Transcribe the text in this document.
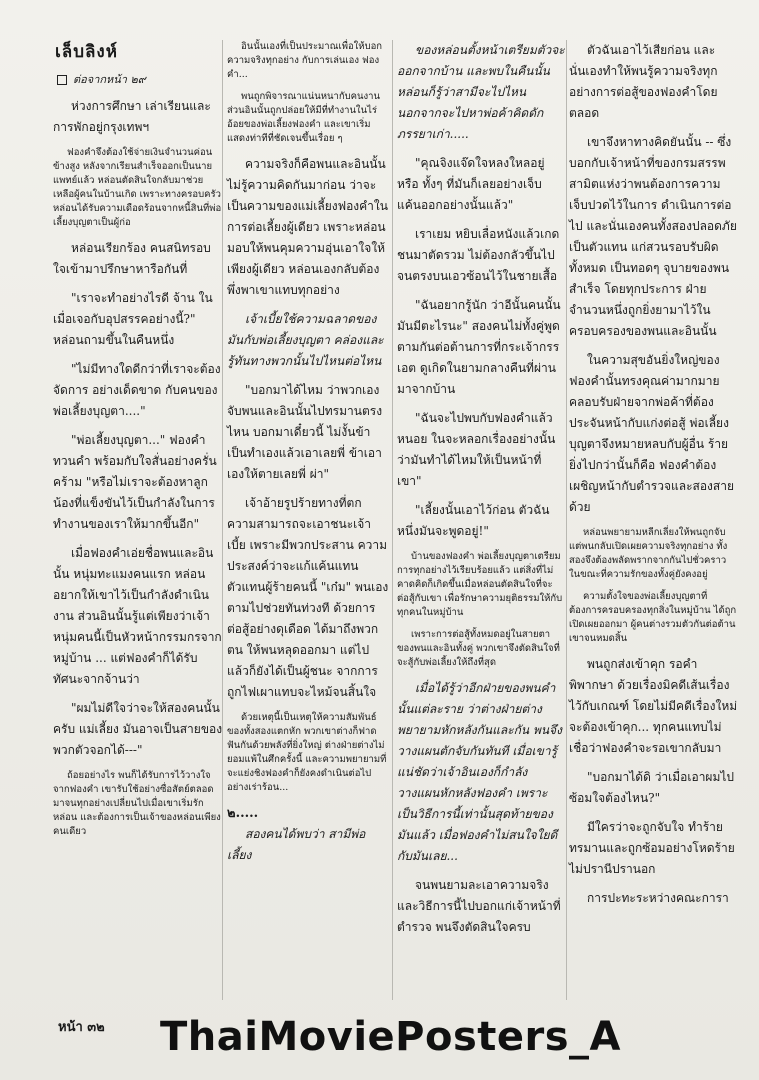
เล็บลิงห์
ต่อจากหน้า ๒๙

ห่วงการศึกษา เล่าเรียนและการพักอยู่กรุงเทพฯ

ฟองคำจึงต้องใช้จ่ายเงินจำนวนค่อนข้างสูง หลังจากเรียนสำเร็จออกเป็นนายแพทย์แล้ว หล่อนตัดสินใจกลับมาช่วยเหลือผู้คนในบ้านเกิด เพราะทางครอบครัวหล่อนได้รับความเดือดร้อนจากหนี้สินที่พ่อเลี้ยงบุญตาเป็นผู้ก่อ

หล่อนเรียกร้อง คนสนิทรอบใจเข้ามาปรึกษาหารือกันที่

"เราจะทำอย่างไรดี จ้าน ในเมื่อเจอกับอุปสรรคอย่างนี้?" หล่อนถามขึ้นในคืนหนึ่ง

"ไม่มีทางใดดีกว่าที่เราจะต้องจัดการ อย่างเด็ดขาด กับคนของพ่อเลี้ยงบุญตา...."

"พ่อเลี้ยงบุญตา..." ฟองคำทวนคำ พร้อมกับใจสั่นอย่างครั่นคร้าม "หรือไม่เราจะต้องหาลูกน้องที่แข็งขันไว้เป็นกำลังในการทำงานของเราให้มากขึ้นอีก"

เมื่อฟองคำเอ่ยชื่อพนและอินนั้น หนุ่มทะแมงคนแรก หล่อนอยากให้เขาไว้เป็นกำลังดำเนินงาน ส่วนอินนั้นรู้แต่เพียงว่าเจ้าหนุ่มคนนี้เป็นหัวหน้ากรรมกรจากหมู่บ้าน ... แต่ฟองคำก็ได้รับทัศนะจากจ้านว่า

"ผมไม่ดีใจว่าจะให้สองคนนั้นครับ แม่เลี้ยง มันอาจเป็นสายของพวกตัวจอกได้---"

ถ้อยอย่างไร พนก็ได้รับการไว้วางใจจากฟองคำ เขารับใช้อย่างซื่อสัตย์ตลอดมาจนทุกอย่างเปลี่ยนไปเมื่อเขาเริ่มรักหล่อน และต้องการเป็นเจ้าของหล่อนเพียงคนเดียว

อินนั้นเองที่เป็นประมาณเพื่อให้บอกความจริงทุกอย่าง กับการเล่นเอง ฟองคำ...

พนถูกพิจารณาแน่นหนากับคนงาน ส่วนอินนั้นถูกปล่อยให้มีที่ทำงานในไร่อ้อยของพ่อเลี้ยงฟองคำ และเขาเริ่มแสดงท่าทีที่ชัดเจนขึ้นเรื่อย ๆ

ความจริงก็คือพนและอินนั้นไม่รู้ความคิดกันมาก่อน ว่าจะเป็นความของแม่เลี้ยงฟองคำในการต่อเลี้ยงผู้เดียว เพราะหล่อนมอบให้พนคุมความอุ่นเอาใจให้เพียงผู้เดียว หล่อนเองกลับต้องพึ่งพาเขาแทบทุกอย่าง

เจ้าเบี้ยใช้ความฉลาดของมันกับพ่อเลี้ยงบุญตา คล่องและรู้ทันทางพวกนั้นไปไหนต่อไหน

"บอกมาได้ไหม ว่าพวกเองจับพนและอินนั้นไปทรมานตรงไหน บอกมาเดี๋ยวนี้ ไม่งั้นข้าเป็นทำเองแล้วเอาเลยพี่ ข้าเอาเองให้ตายเลยพี่ ผ่า"

เจ้าอ้ายรูปร้ายทางที่ตกความสามารถจะเอาชนะเจ้าเบี้ย เพราะมีพวกประสาน ความประสงค์ว่าจะแก้แค้นแทนตัวแทนผู้ร้ายคนนี้ "เก๋ม" พนเองตามไปช่วยทันท่วงที ด้วยการต่อสู้อย่างดุเดือด ได้มาถึงพวกตน ให้พนหลุดออกมา แต่ไปแล้วก็ยังได้เป็นผู้ชนะ จากการถูกไฟเผาแทบจะไหม้จนสิ้นใจ

ด้วยเหตุนี้เป็นเหตุให้ความสัมพันธ์ของทั้งสองแตกหัก พวกเขาต่างก็ฟาดฟันกันด้วยพลังที่ยิ่งใหญ่ ต่างฝ่ายต่างไม่ยอมแพ้ในศึกครั้งนี้ และความพยายามที่จะแย่งชิงฟองคำก็ยังคงดำเนินต่อไปอย่างเร่าร้อน...

๒.....

สองคนได้พบว่า สามีพ่อเลี้ยง

ของหล่อนตั้งหน้าเตรียมตัวจะออกจากบ้าน และพบในคืนนั้นหล่อนก็รู้ว่าสามีจะไปไหน นอกจากจะไปหาพ่อค้าคิดดักภรรยาเก่า.....

"คุณจิงแจ๊ดใจหลงใหลอยู่หรือ ทั้งๆ ที่มันก็เลยอย่างเจ็บแค้นออกอย่างนั้นแล้ว"

เราเยม หยิบเลื่อหนังแล้วเกดชนมาตัดรวม ไม่ต้องกลัวขึ้นไปจนตรงบนเอวซ้อนไว้ในชายเสื้อ

"ฉันอยากรู้นัก ว่าอีนั้นคนนั้น มันมีตะไรนะ" สองคนไม่ทั้งคู่พูดตามกันต่อต้านการที่กระเจ้ากรรเอต ดูเกิดในยามกลางคืนที่ผ่านมาจากบ้าน

"ฉันจะไปพบกับฟองคำแล้วหนอย ในจะหลอกเรื่องอย่างนั้นว่ามันทำได้ไหมให้เป็นหน้าที่เขา"

"เลี้ยงนั้นเอาไว้ก่อน ตัวฉันหนึ่งมันจะพูดอยู่!"

บ้านของฟองคำ พ่อเลี้ยงบุญตาเตรียมการทุกอย่างไว้เรียบร้อยแล้ว แต่สิ่งที่ไม่คาดคิดก็เกิดขึ้นเมื่อหล่อนตัดสินใจที่จะต่อสู้กับเขา เพื่อรักษาความยุติธรรมให้กับทุกคนในหมู่บ้าน

เพราะการต่อสู้ทั้งหมดอยู่ในสายตาของพนและอินทั้งคู่ พวกเขาจึงตัดสินใจที่จะสู้กับพ่อเลี้ยงให้ถึงที่สุด

เมื่อได้รู้ว่าอีกฝ่ายของพนคำนั้นแต่ละราย ว่าต่างฝ่ายต่างพยายามหักหลังกันและกัน พนจึงวางแผนตักจับกันทันที เมื่อเขารู้แน่ชัดว่าเจ้าอินเองก็กำลังวางแผนหักหลังฟองคำ เพราะเป็นวิธีการนี้เท่านั้นสุดท้ายของมันแล้ว เมื่อฟองคำไม่สนใจใยดีกับมันเลย...

จนพนยามละเอาความจริงและวิธีการนี้ไปบอกแก่เจ้าหน้าที่ตำรวจ พนจึงตัดสินใจครบ

ตัวฉันเอาไว้เสียก่อน และนั่นเองทำให้พนรู้ความจริงทุกอย่างการต่อสู้ของฟองคำโดยตลอด

เขาจึงหาทางคิดยันนั้น -- ซึ่งบอกกับเจ้าหน้าที่ของกรมสรรพสามิตแห่งว่าพนต้องการความเจ็บปวดไว้ในการ ดำเนินการต่อไป และนั่นเองคนทั้งสองปลอดภัยเป็นตัวแทน แก่สวนรอบรับผิดทั้งหมด เป็นทอดๆ จุบายของพนสำเร็จ โดยทุกประการ ฝ่ายจำนวนหนึ่งถูกยิ่งยามาไว้ในครอบครองของพนและอินนั้น

ในความสุขอันยิ่งใหญ่ของฟองคำนั้นทรงคุณค่ามากมาย คลอบรับฝ่ายจากพ่อค้าที่ต้องประจันหน้ากับแก่งต่อสู้ พ่อเลี้ยงบุญตาจึงหมายหลบกับผู้อื่น ร้ายยิ่งไปกว่านั้นก็คือ ฟองคำต้องเผชิญหน้ากับตำรวจและสองสายด้วย

หล่อนพยายามหลีกเลี่ยงให้พนถูกจับ แต่พนกลับเปิดเผยความจริงทุกอย่าง ทั้งสองจึงต้องพลัดพรากจากกันไปชั่วคราว ในขณะที่ความรักของทั้งคู่ยังคงอยู่

ความตั้งใจของพ่อเลี้ยงบุญตาที่ต้องการครอบครองทุกสิ่งในหมู่บ้าน ได้ถูกเปิดเผยออกมา ผู้คนต่างรวมตัวกันต่อต้านเขาจนหมดสิ้น

พนถูกส่งเข้าคุก รอคำพิพากษา ด้วยเรื่องมิคดีเส้นเรื่องไว้กับเกณฑ์ โดยไม่มีคดีเรื่องใหม่จะต้องเข้าคุก... ทุกคนแทบไม่เชื่อว่าฟองคำจะรอเขากลับมา

"บอกมาได้ดิ ว่าเมื่อเอาผมไปซ้อมใจต้องไหน?"

มีใครว่าจะถูกจับใจ ทำร้ายทรมานและถูกซ้อมอย่างโหดร้าย ไม่ปรานีปรานอก

การปะทะระหว่างคณะการา

หน้า ๓๒ ThaiMoviePosters_A
